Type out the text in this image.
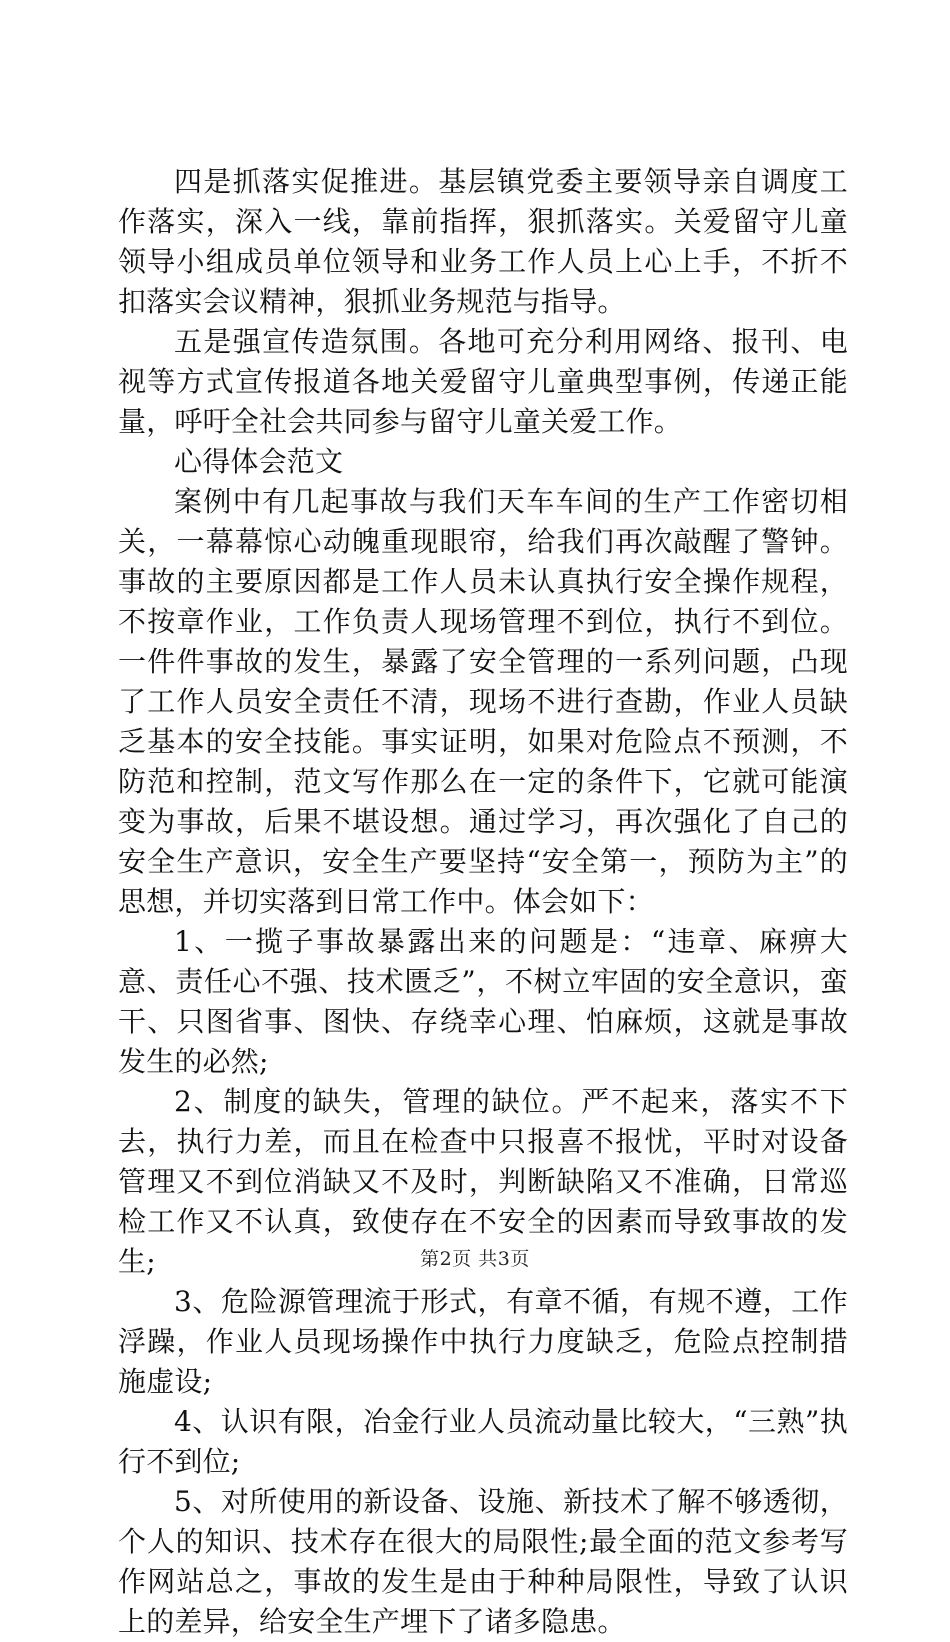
四是抓落实促推进。基层镇党委主要领导亲自调度工作落实，深入一线，靠前指挥，狠抓落实。关爱留守儿童领导小组成员单位领导和业务工作人员上心上手，不折不扣落实会议精神，狠抓业务规范与指导。

五是强宣传造氛围。各地可充分利用网络、报刊、电视等方式宣传报道各地关爱留守儿童典型事例，传递正能量，呼吁全社会共同参与留守儿童关爱工作。

心得体会范文

案例中有几起事故与我们天车车间的生产工作密切相关，一幕幕惊心动魄重现眼帘，给我们再次敲醒了警钟。事故的主要原因都是工作人员未认真执行安全操作规程，不按章作业，工作负责人现场管理不到位，执行不到位。一件件事故的发生，暴露了安全管理的一系列问题，凸现了工作人员安全责任不清，现场不进行查勘，作业人员缺乏基本的安全技能。事实证明，如果对危险点不预测，不防范和控制，范文写作那么在一定的条件下，它就可能演变为事故，后果不堪设想。通过学习，再次强化了自己的安全生产意识，安全生产要坚持“安全第一，预防为主”的思想，并切实落到日常工作中。体会如下：

1、一揽子事故暴露出来的问题是：“违章、麻痹大意、责任心不强、技术匮乏”，不树立牢固的安全意识，蛮干、只图省事、图快、存绕幸心理、怕麻烦，这就是事故发生的必然;

2、制度的缺失，管理的缺位。严不起来，落实不下去，执行力差，而且在检查中只报喜不报忧，平时对设备管理又不到位消缺又不及时，判断缺陷又不准确，日常巡检工作又不认真，致使存在不安全的因素而导致事故的发生;

3、危险源管理流于形式，有章不循，有规不遵，工作浮躁，作业人员现场操作中执行力度缺乏，危险点控制措施虚设;

4、认识有限，冶金行业人员流动量比较大，“三熟”执行不到位;

5、对所使用的新设备、设施、新技术了解不够透彻，个人的知识、技术存在很大的局限性;最全面的范文参考写作网站总之，事故的发生是由于种种局限性，导致了认识上的差异，给安全生产埋下了诸多隐患。

第2页 共3页
